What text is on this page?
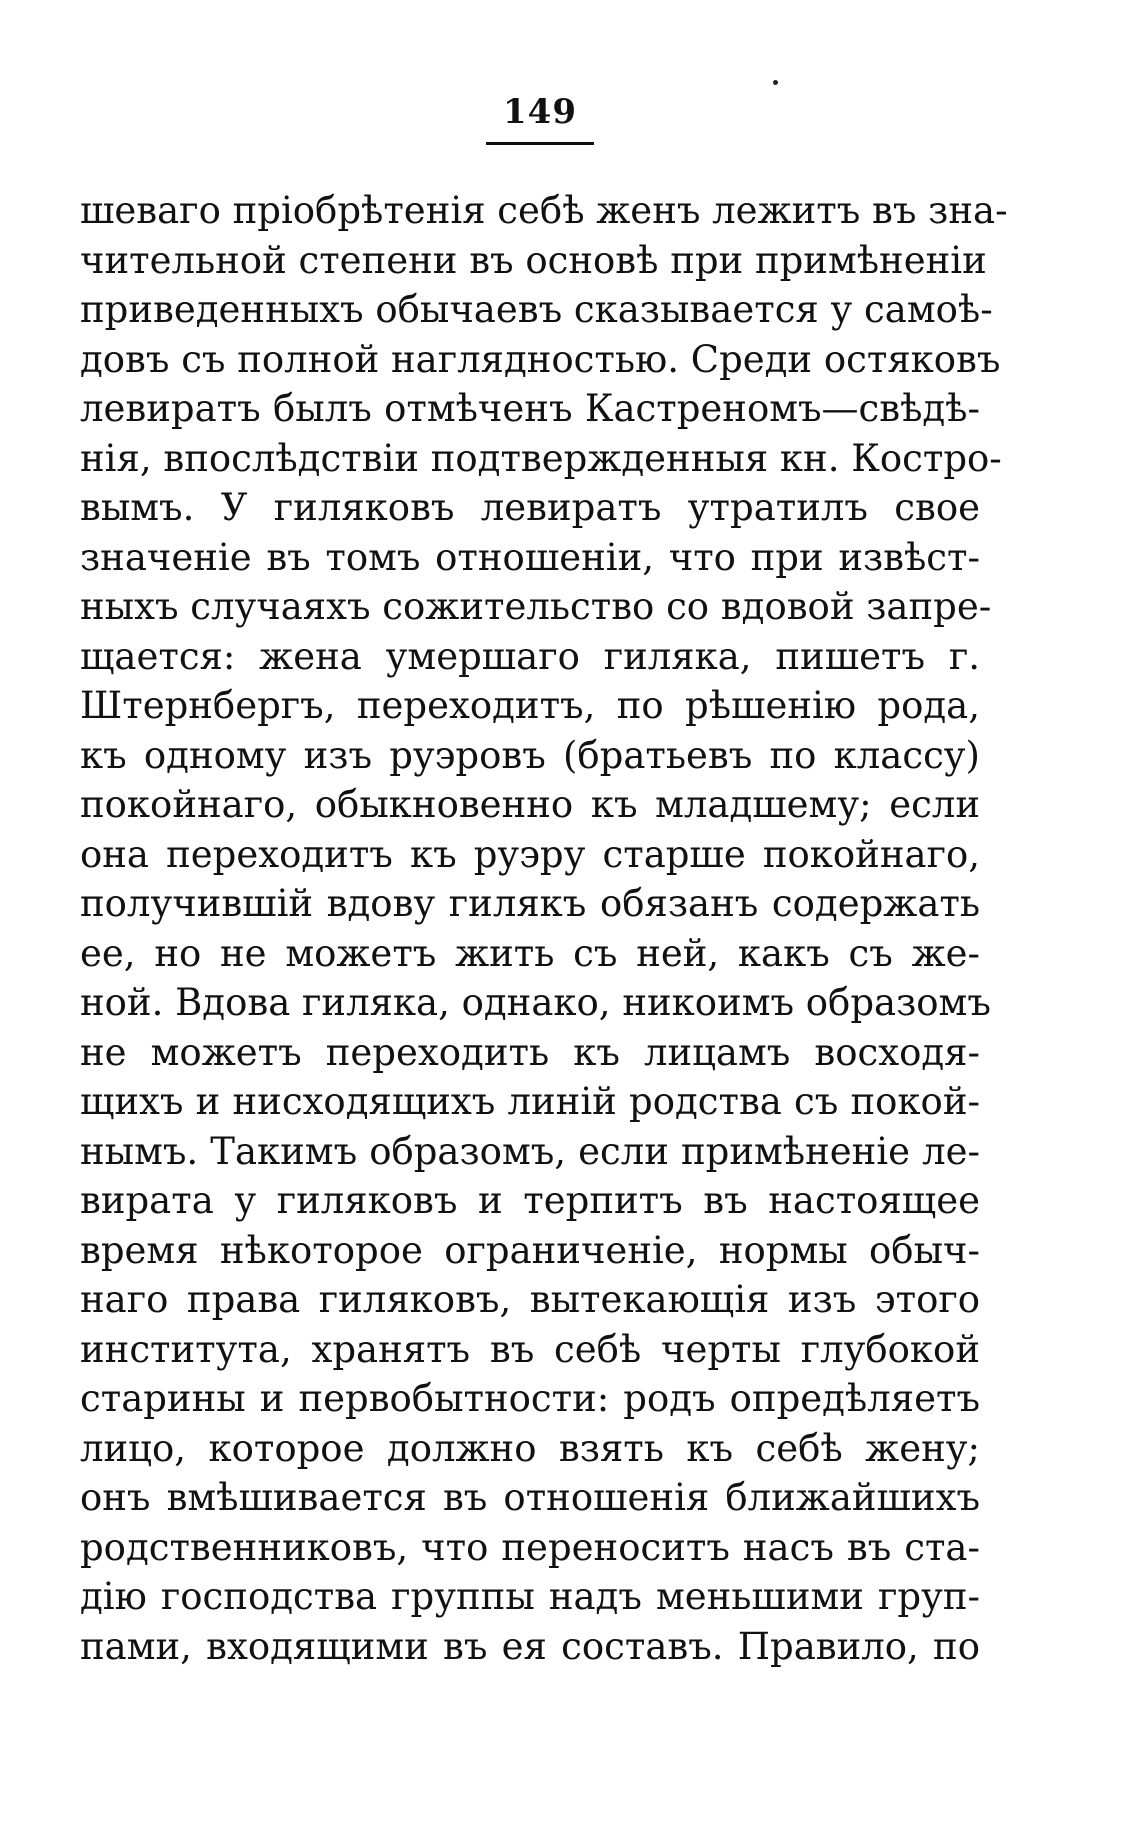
149
шеваго пріобрѣтенія себѣ женъ лежитъ въ зна-
чительной степени въ основѣ при примѣненіи
приведенныхъ обычаевъ сказывается у самоѣ-
довъ съ полной наглядностью. Среди остяковъ
левиратъ былъ отмѣченъ Кастреномъ—свѣдѣ-
нія, впослѣдствіи подтвержденныя кн. Костро-
вымъ. У гиляковъ левиратъ утратилъ свое
значеніе въ томъ отношеніи, что при извѣст-
ныхъ случаяхъ сожительство со вдовой запре-
щается: жена умершаго гиляка, пишетъ г.
Штернбергъ, переходитъ, по рѣшенію рода,
къ одному изъ руэровъ (братьевъ по классу)
покойнаго, обыкновенно къ младшему; если
она переходитъ къ руэру старше покойнаго,
получившій вдову гилякъ обязанъ содержать
ее, но не можетъ жить съ ней, какъ съ же-
ной. Вдова гиляка, однако, никоимъ образомъ
не можетъ переходить къ лицамъ восходя-
щихъ и нисходящихъ линій родства съ покой-
нымъ. Такимъ образомъ, если примѣненіе ле-
вирата у гиляковъ и терпитъ въ настоящее
время нѣкоторое ограниченіе, нормы обыч-
наго права гиляковъ, вытекающія изъ этого
института, хранятъ въ себѣ черты глубокой
старины и первобытности: родъ опредѣляетъ
лицо, которое должно взять къ себѣ жену;
онъ вмѣшивается въ отношенія ближайшихъ
родственниковъ, что переноситъ насъ въ ста-
дію господства группы надъ меньшими груп-
пами, входящими въ ея составъ. Правило, по
